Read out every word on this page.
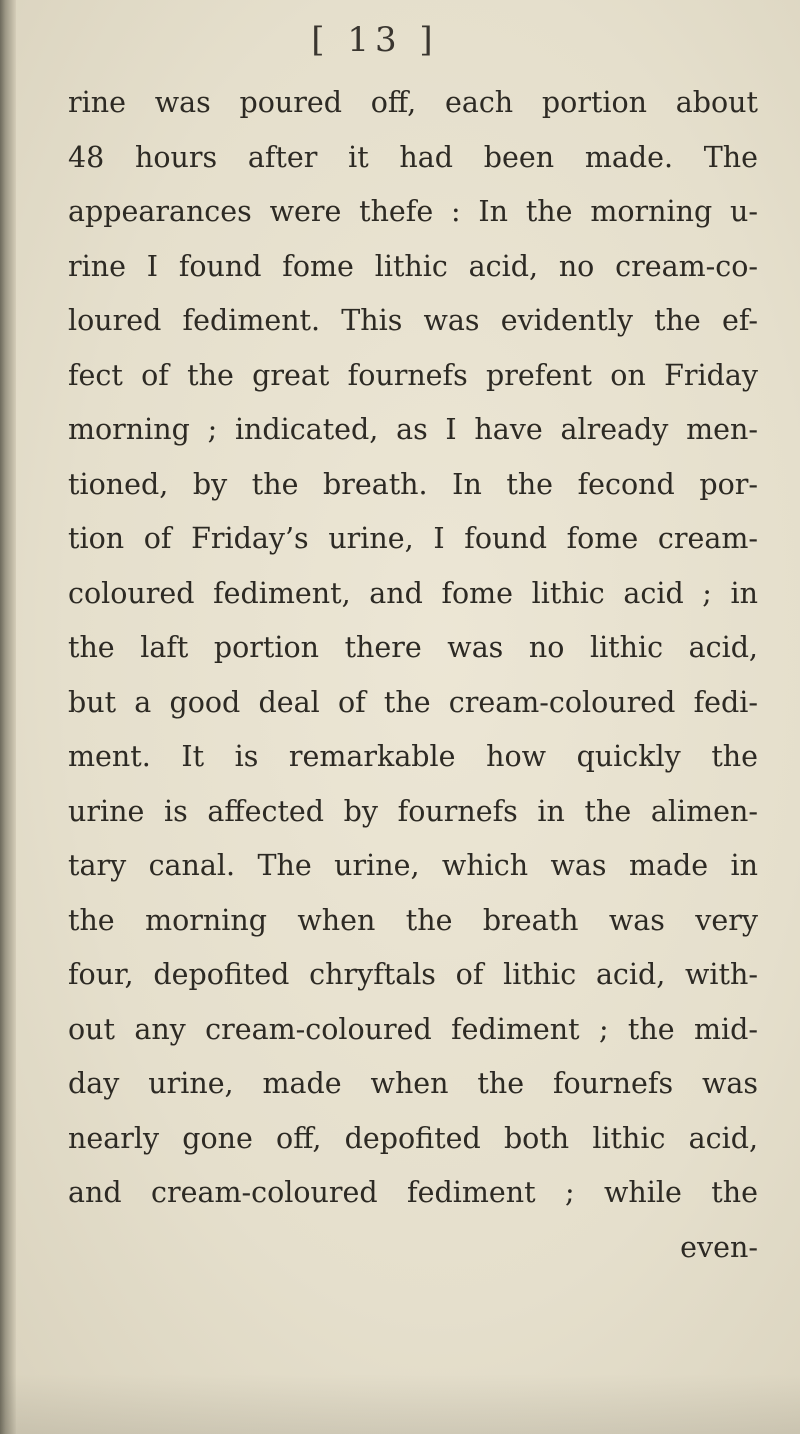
[ 13 ]
rine was poured off, each portion about
48 hours after it had been made. The
appearances were thefe : In the morning u-
rine I found fome lithic acid, no cream-co-
loured fediment. This was evidently the ef-
fect of the great fournefs prefent on Friday
morning ; indicated, as I have already men-
tioned, by the breath. In the fecond por-
tion of Friday’s urine, I found fome cream-
coloured fediment, and fome lithic acid ; in
the laft portion there was no lithic acid,
but a good deal of the cream-coloured fedi-
ment. It is remarkable how quickly the
urine is affected by fournefs in the alimen-
tary canal. The urine, which was made in
the morning when the breath was very
four, depofited chryftals of lithic acid, with-
out any cream-coloured fediment ; the mid-
day urine, made when the fournefs was
nearly gone off, depofited both lithic acid,
and cream-coloured fediment ; while the
even-
